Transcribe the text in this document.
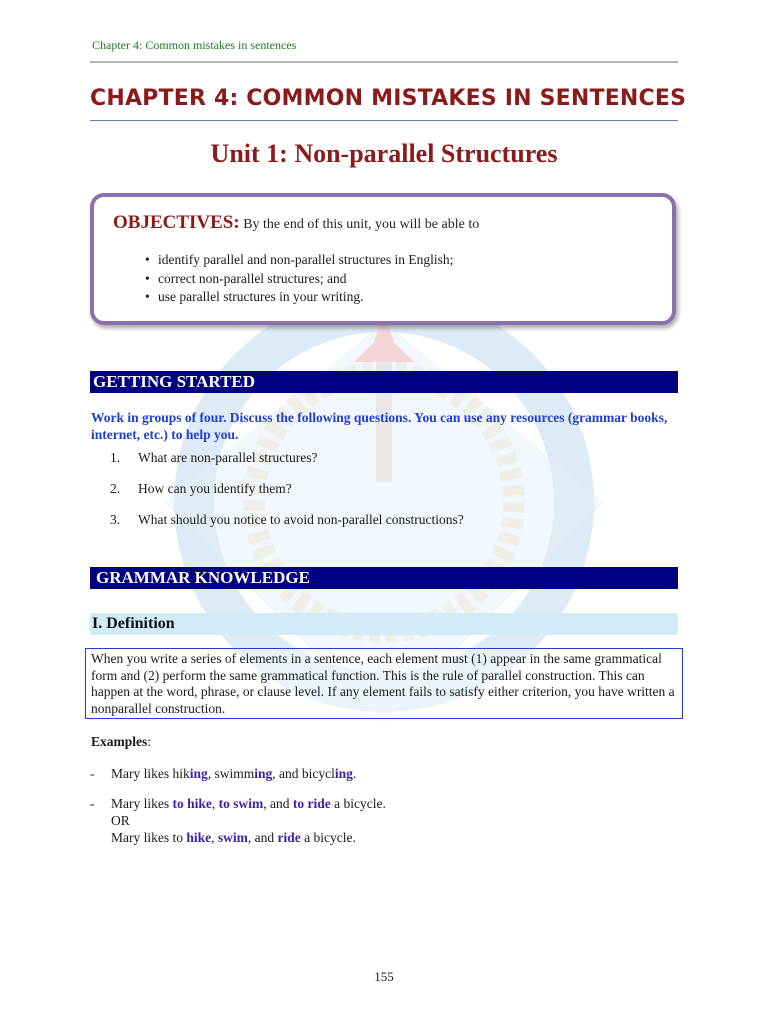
Chapter 4: Common mistakes in sentences
CHAPTER 4: COMMON MISTAKES IN SENTENCES
Unit 1: Non-parallel Structures
OBJECTIVES: By the end of this unit, you will be able to
• identify parallel and non-parallel structures in English;
• correct non-parallel structures; and
• use parallel structures in your writing.
GETTING STARTED
Work in groups of four. Discuss the following questions. You can use any resources (grammar books, internet, etc.) to help you.
1. What are non-parallel structures?
2. How can you identify them?
3. What should you notice to avoid non-parallel constructions?
GRAMMAR KNOWLEDGE
I. Definition
When you write a series of elements in a sentence, each element must (1) appear in the same grammatical form and (2) perform the same grammatical function. This is the rule of parallel construction. This can happen at the word, phrase, or clause level. If any element fails to satisfy either criterion, you have written a nonparallel construction.
Examples:
- Mary likes hiking, swimming, and bicycling.
- Mary likes to hike, to swim, and to ride a bicycle.
OR
Mary likes to hike, swim, and ride a bicycle.
155
